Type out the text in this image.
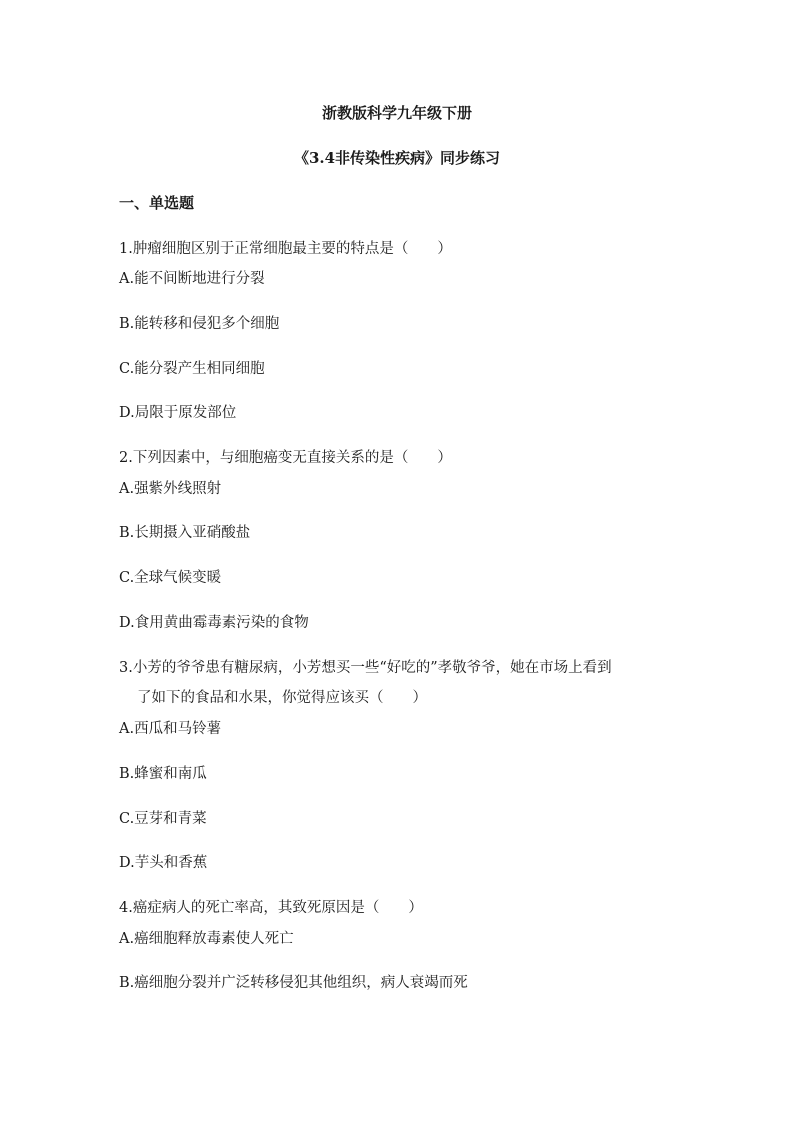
浙教版科学九年级下册
《3.4非传染性疾病》同步练习
一、单选题
1.肿瘤细胞区别于正常细胞最主要的特点是（　　）
A.能不间断地进行分裂
B.能转移和侵犯多个细胞
C.能分裂产生相同细胞
D.局限于原发部位
2.下列因素中，与细胞癌变无直接关系的是（　　）
A.强紫外线照射
B.长期摄入亚硝酸盐
C.全球气候变暖
D.食用黄曲霉毒素污染的食物
3.小芳的爷爷患有糖尿病，小芳想买一些“好吃的”孝敬爷爷，她在市场上看到
了如下的食品和水果，你觉得应该买（　　）
A.西瓜和马铃薯
B.蜂蜜和南瓜
C.豆芽和青菜
D.芋头和香蕉
4.癌症病人的死亡率高，其致死原因是（　　）
A.癌细胞释放毒素使人死亡
B.癌细胞分裂并广泛转移侵犯其他组织，病人衰竭而死
